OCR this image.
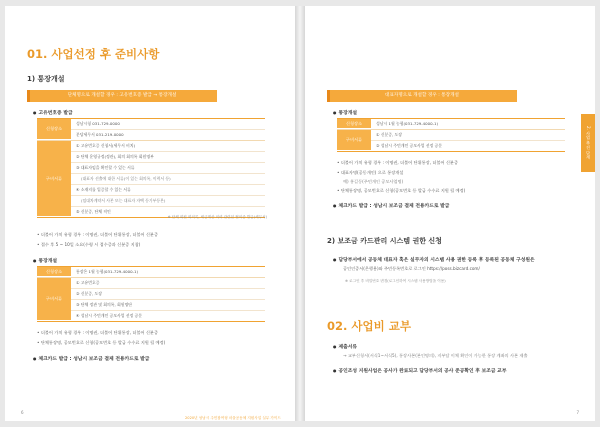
01. 사업선정 후 준비사항
1) 통장개설
단체명으로 개설할 경우 : 고유번호증 발급 → 통장개설
● 고유번호증 발급
신청장소
성남시청 031-729-0000
분당세무서 031-219-0000
구비서류
① 고유번호증 신청서(세무서 비치)
② 단체 운영규정(정관), 회의 회의록 회원명부
③ 대표자임을 확인할 수 있는 서류
(대표자 선출에 대한 서류(이 있는 회의록, 이력서 등)
④ 소재지를 입증할 수 있는 서류
(임대차계약서 사본 또는 대표자 자택 등기부등본)
⑤ 신분증, 단체 직인
※ 단체 회원 회의록, 세금계산 의뢰 관련된 협의증 발급(세무서)
• 더불어 가치 유형 경우 : 이명권, 더불어 단위통장, 더불어 신분증
• 접수 후 5 ~ 10일 소요(수령 시 접수증과 신분증 지참)
● 통장개설
신청장소	통장은 1월 농협(031-729-4000-1)
구비서류
① 고유번호증
② 신분증, 도장
③ 단체 정관 및 회의록, 회원명단
④ 성남시 주민개인 공모사업 선정 공문
• 더불어 가치 유형 경우 : 이명권, 더불어 단위통장, 더불어 신분증
• 단체통장명, 공모번호로 신청(공모번호 등 발급 수수료 지원 될 예정)
● 체크카드 발급 : 성남시 보조금 결제 전용카드로 발급
6
2. 사업 추진 단계
대표자명으로 개설할 경우 : 통장개설
● 통장개설
신청장소	성남시 1월 농협(031-729-4000-1)
구비서류
① 신분증, 도장
② 성남시 주민개인 공모사업 선정 공문
• 더불어 가치 유형 경우 : 이명권, 더불어 단위통장, 더불어 신분증
• 대표자명(공동개인) 으로 통장개설
예) 홍길동(주민개인 공모사업명)
• 단체통장명, 공모번호로 신청(공모번호 등 발급 수수료 지원 될 예정)
● 체크카드 발급 : 성남시 보조금 결제 전용카드로 발급
2) 보조금 카드관리 시스템 권한 신청
● 담당부서에서 공동체 대표자 혹은 실무자의 시스템 사용 권한 등록 후 등록된 공동체 구성원은
공인인증서(은행용)와 주민등록번호로 로그인 https://poss.bizcard.com/
※ 로그인 후 비밀번호 변경(로그인하여 시스템 사용방법을 이용)
02. 사업비 교부
● 제출서류
→ 교부신청서(서식1~서식5), 통장사본(본인명의), 지부담 이체 확인이 가능한 통장 계좌의 사본 제출
● 공인조성 지원사업은 공사가 완료되고 담당부서의 공사 준공확인 후 보조금 교부
7
2020년 성남시 주민참여형 마을공동체 지원사업 실무 가이드
